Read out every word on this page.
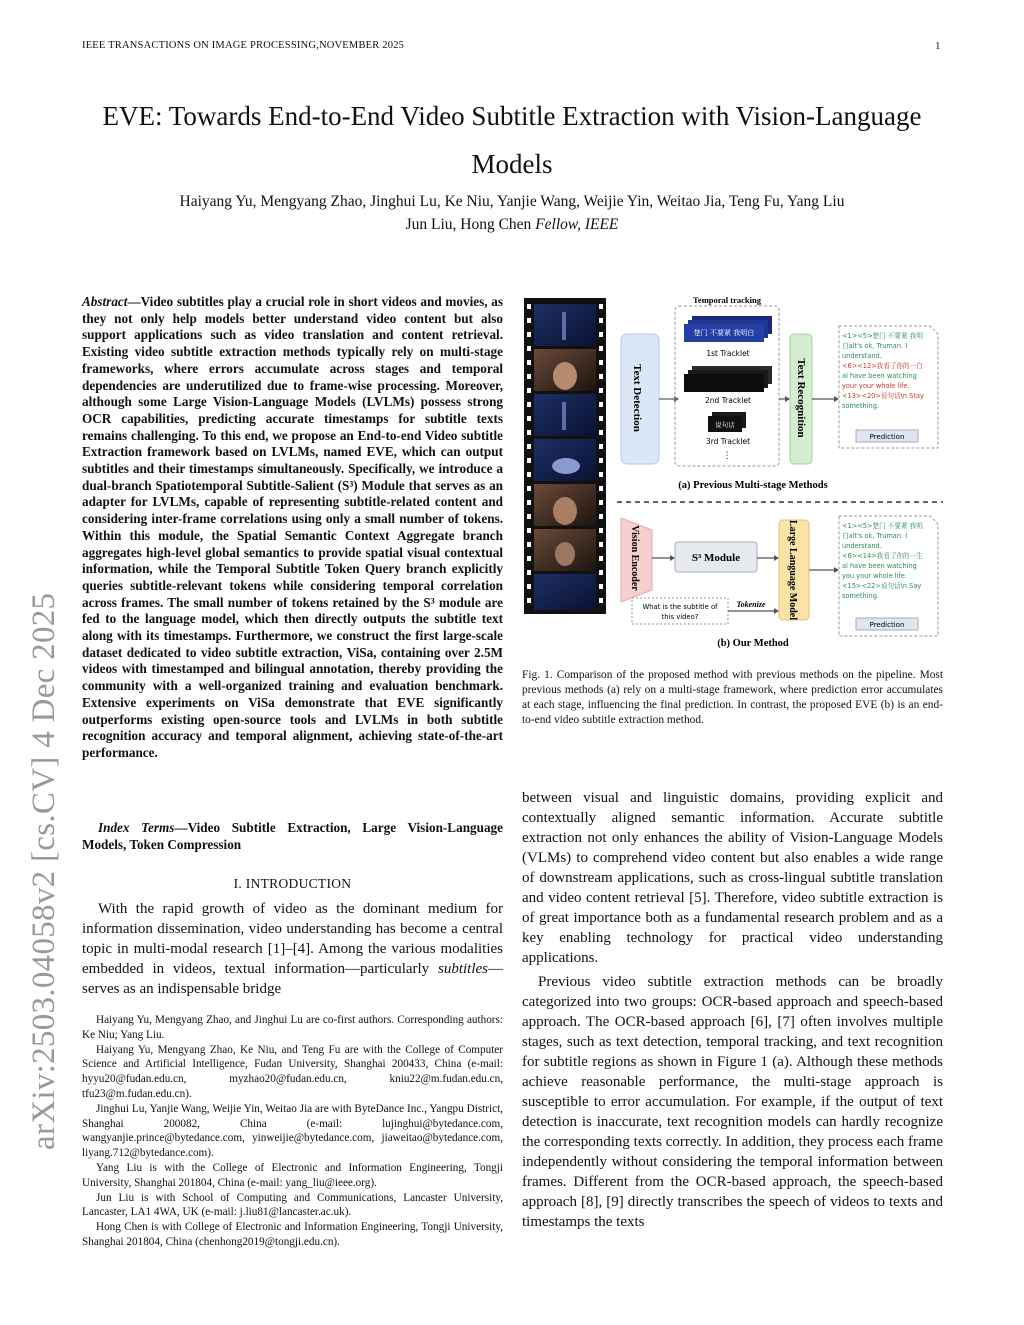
IEEE TRANSACTIONS ON IMAGE PROCESSING,NOVEMBER 2025	1
arXiv:2503.04058v2 [cs.CV] 4 Dec 2025
EVE: Towards End-to-End Video Subtitle Extraction with Vision-Language Models
Haiyang Yu, Mengyang Zhao, Jinghui Lu, Ke Niu, Yanjie Wang, Weijie Yin, Weitao Jia, Teng Fu, Yang Liu
Jun Liu, Hong Chen Fellow, IEEE
Abstract—Video subtitles play a crucial role in short videos and movies, as they not only help models better understand video content but also support applications such as video translation and content retrieval. Existing video subtitle extraction methods typically rely on multi-stage frameworks, where errors accumulate across stages and temporal dependencies are underutilized due to frame-wise processing. Moreover, although some Large Vision-Language Models (LVLMs) possess strong OCR capabilities, predicting accurate timestamps for subtitle texts remains challenging. To this end, we propose an End-to-end Video subtitle Extraction framework based on LVLMs, named EVE, which can output subtitles and their timestamps simultaneously. Specifically, we introduce a dual-branch Spatiotemporal Subtitle-Salient (S³) Module that serves as an adapter for LVLMs, capable of representing subtitle-related content and considering inter-frame correlations using only a small number of tokens. Within this module, the Spatial Semantic Context Aggregate branch aggregates high-level global semantics to provide spatial visual contextual information, while the Temporal Subtitle Token Query branch explicitly queries subtitle-relevant tokens while considering temporal correlation across frames. The small number of tokens retained by the S³ module are fed to the language model, which then directly outputs the subtitle text along with its timestamps. Furthermore, we construct the first large-scale dataset dedicated to video subtitle extraction, ViSa, containing over 2.5M videos with timestamped and bilingual annotation, thereby providing the community with a well-organized training and evaluation benchmark. Extensive experiments on ViSa demonstrate that EVE significantly outperforms existing open-source tools and LVLMs in both subtitle recognition accuracy and temporal alignment, achieving state-of-the-art performance.
Index Terms—Video Subtitle Extraction, Large Vision-Language Models, Token Compression
I. INTRODUCTION
With the rapid growth of video as the dominant medium for information dissemination, video understanding has become a central topic in multi-modal research [1]–[4]. Among the various modalities embedded in videos, textual information—particularly subtitles—serves as an indispensable bridge

Haiyang Yu, Mengyang Zhao, and Jinghui Lu are co-first authors. Corresponding authors: Ke Niu; Yang Liu.

Haiyang Yu, Mengyang Zhao, Ke Niu, and Teng Fu are with the College of Computer Science and Artificial Intelligence, Fudan University, Shanghai 200433, China (e-mail: hyyu20@fudan.edu.cn, myzhao20@fudan.edu.cn, kniu22@m.fudan.edu.cn, tfu23@m.fudan.edu.cn).

Jinghui Lu, Yanjie Wang, Weijie Yin, Weitao Jia are with ByteDance Inc., Yangpu District, Shanghai 200082, China (e-mail: lujinghui@bytedance.com, wangyanjie.prince@bytedance.com, yinweijie@bytedance.com, jiaweitao@bytedance.com, liyang.712@bytedance.com).

Yang Liu is with the College of Electronic and Information Engineering, Tongji University, Shanghai 201804, China (e-mail: yang_liu@ieee.org).

Jun Liu is with School of Computing and Communications, Lancaster University, Lancaster, LA1 4WA, UK (e-mail: j.liu81@lancaster.ac.uk).

Hong Chen is with College of Electronic and Information Engineering, Tongji University, Shanghai 201804, China (chenhong2019@tongji.edu.cn).

Temporal tracking
Text Detection
楚门 不要紧 我明白
1st Tracklet
2nd Tracklet
说句话
3rd Tracklet
⋮
Text Recognition
<1><5>楚门 不要紧 我明
白alt's ok, Truman. I
understand.
<6><12>我看了你的一白
al have been watching
your your whole life.
<13><20>说句话\n Stay
something.
Prediction
(a) Previous Multi-stage Methods
Vision Encoder	S³ Module	Large Language Model
What is the subtitle of
this video?
Tokenize
<1><5>楚门 不要紧 我明
白alt's ok, Truman. I
understand.
<6><14>我看了你的一生
al have been watching
you your whole life.
<15><22>说句话\n Say
something.
Prediction
(b) Our Method
Fig. 1. Comparison of the proposed method with previous methods on the pipeline. Most previous methods (a) rely on a multi-stage framework, where prediction error accumulates at each stage, influencing the final prediction. In contrast, the proposed EVE (b) is an end-to-end video subtitle extraction method.
between visual and linguistic domains, providing explicit and contextually aligned semantic information. Accurate subtitle extraction not only enhances the ability of Vision-Language Models (VLMs) to comprehend video content but also enables a wide range of downstream applications, such as cross-lingual subtitle translation and video content retrieval [5]. Therefore, video subtitle extraction is of great importance both as a fundamental research problem and as a key enabling technology for practical video understanding applications.
Previous video subtitle extraction methods can be broadly categorized into two groups: OCR-based approach and speech-based approach. The OCR-based approach [6], [7] often involves multiple stages, such as text detection, temporal tracking, and text recognition for subtitle regions as shown in Figure 1 (a). Although these methods achieve reasonable performance, the multi-stage approach is susceptible to error accumulation. For example, if the output of text detection is inaccurate, text recognition models can hardly recognize the corresponding texts correctly. In addition, they process each frame independently without considering the temporal information between frames. Different from the OCR-based approach, the speech-based approach [8], [9] directly transcribes the speech of videos to texts and timestamps the texts
